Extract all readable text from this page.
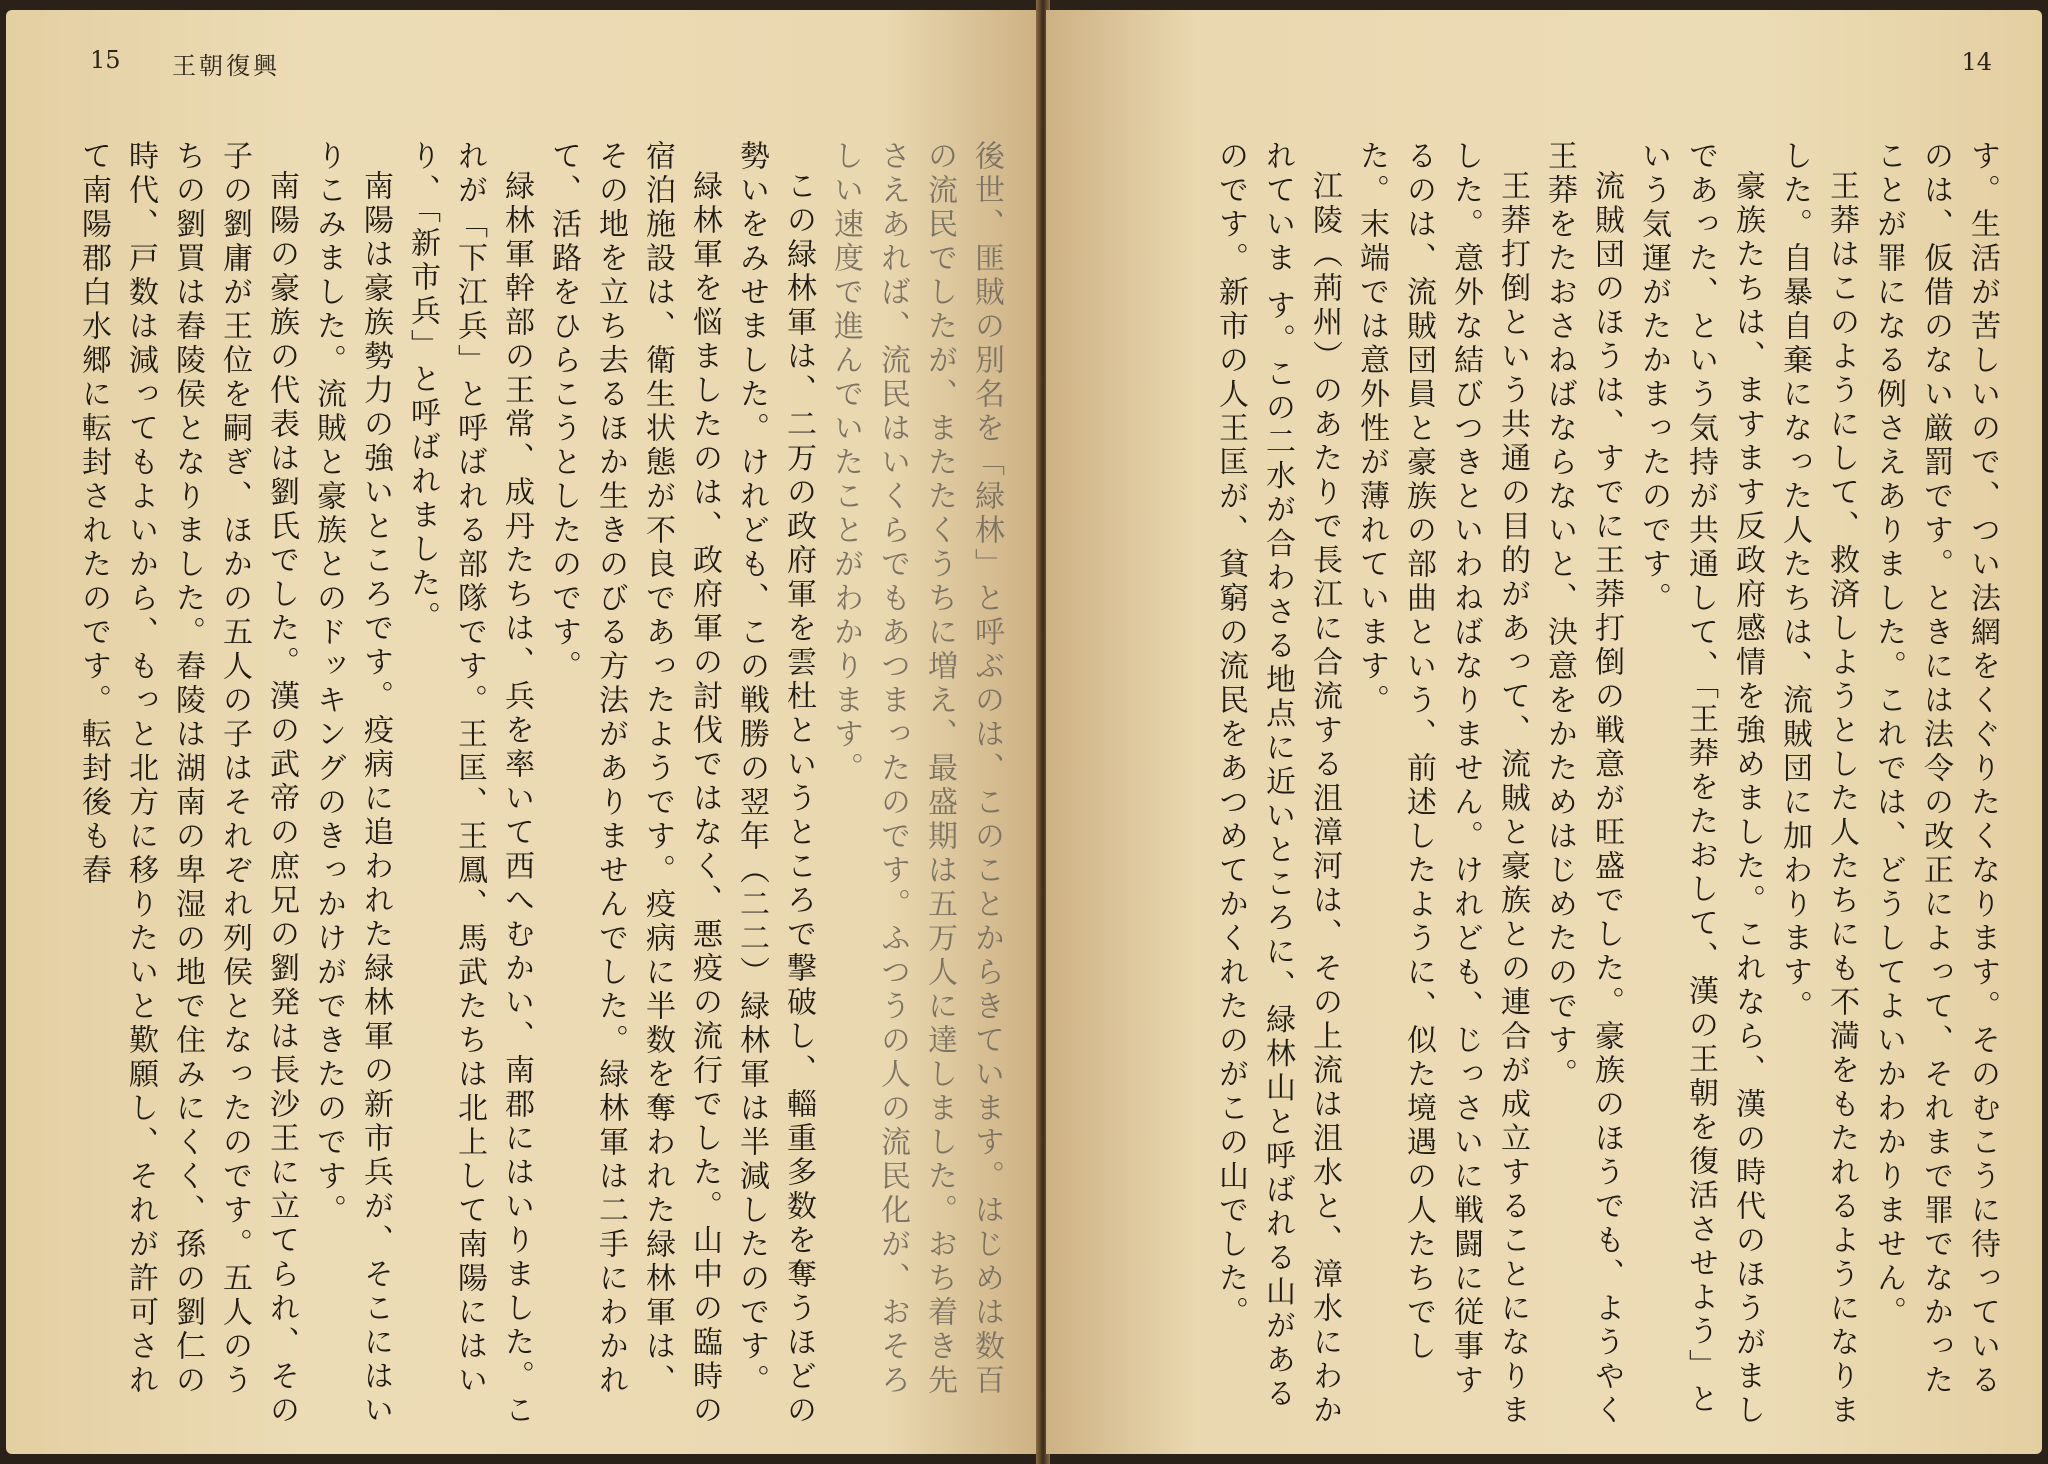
15 王朝復興

後世、匪賊の別名を「緑林」と呼ぶのは、このことからきています。はじめは数百の流民でしたが、またたくうちに増え、最盛期は五万人に達しました。おち着き先さえあれば、流民はいくらでもあつまったのです。ふつうの人の流民化が、おそろしい速度で進んでいたことがわかります。

この緑林軍は、二万の政府軍を雲杜というところで撃破し、輜重多数を奪うほどの勢いをみせました。けれども、この戦勝の翌年（二二）緑林軍は半減したのです。

緑林軍を悩ましたのは、政府軍の討伐ではなく、悪疫の流行でした。山中の臨時の宿泊施設は、衛生状態が不良であったようです。疫病に半数を奪われた緑林軍は、その地を立ち去るほか生きのびる方法がありませんでした。緑林軍は二手にわかれて、活路をひらこうとしたのです。

緑林軍幹部の王常、成丹たちは、兵を率いて西へむかい、南郡にはいりました。これが「下江兵」と呼ばれる部隊です。王匡、王鳳、馬武たちは北上して南陽にはいり、「新市兵」と呼ばれました。

南陽は豪族勢力の強いところです。疫病に追われた緑林軍の新市兵が、そこにはいりこみました。流賊と豪族とのドッキングのきっかけができたのです。

南陽の豪族の代表は劉氏でした。漢の武帝の庶兄の劉発は長沙王に立てられ、その子の劉庸が王位を嗣ぎ、ほかの五人の子はそれぞれ列侯となったのです。五人のうちの劉買は舂陵侯となりました。舂陵は湖南の卑湿の地で住みにくく、孫の劉仁の時代、戸数は減ってもよいから、もっと北方に移りたいと歎願し、それが許可されて南陽郡白水郷に転封されたのです。転封後も舂

14

す。生活が苦しいので、つい法網をくぐりたくなります。そのむこうに待っているのは、仮借のない厳罰です。ときには法令の改正によって、それまで罪でなかったことが罪になる例さえありました。これでは、どうしてよいかわかりません。

王莽はこのようにして、救済しようとした人たちにも不満をもたれるようになりました。自暴自棄になった人たちは、流賊団に加わります。

豪族たちは、ますます反政府感情を強めました。これなら、漢の時代のほうがましであった、という気持が共通して、「王莽をたおして、漢の王朝を復活させよう」という気運がたかまったのです。

流賊団のほうは、すでに王莽打倒の戦意が旺盛でした。豪族のほうでも、ようやく王莽をたおさねばならないと、決意をかためはじめたのです。

王莽打倒という共通の目的があって、流賊と豪族との連合が成立することになりました。意外な結びつきといわねばなりません。けれども、じっさいに戦闘に従事するのは、流賊団員と豪族の部曲という、前述したように、似た境遇の人たちでした。末端では意外性が薄れています。

江陵（荊州）のあたりで長江に合流する沮漳河は、その上流は沮水と、漳水にわかれていま す。この二水が合わさる地点に近いところに、緑林山と呼ばれる山があるのです。新市の人王匡が、貧窮の流民をあつめてかくれたのがこの山でした。
